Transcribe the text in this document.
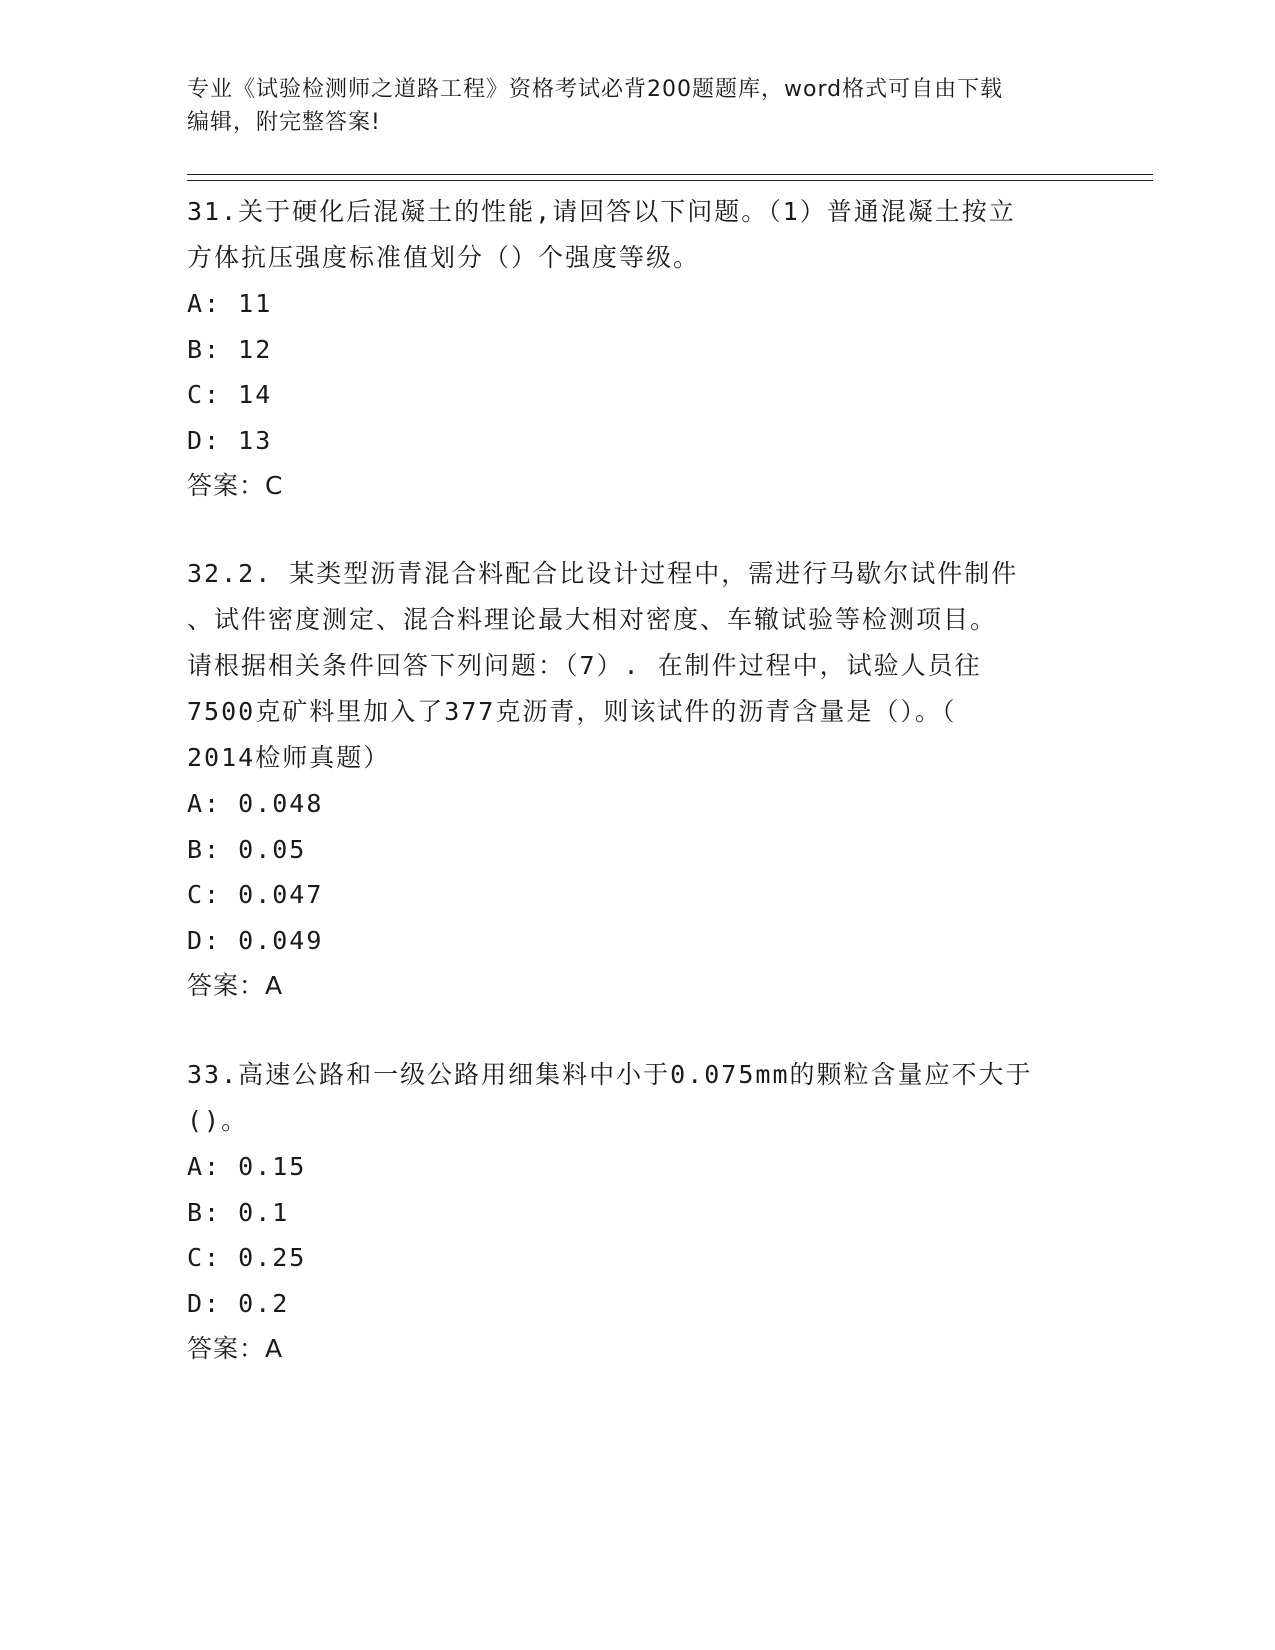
专业《试验检测师之道路工程》资格考试必背200题题库，word格式可自由下载
编辑，附完整答案!
31.关于硬化后混凝土的性能,请回答以下问题。（1）普通混凝土按立
方体抗压强度标准值划分（）个强度等级。
A: 11
B: 12
C: 14
D: 13
答案：C
32.2. 某类型沥青混合料配合比设计过程中，需进行马歇尔试件制件
、试件密度测定、混合料理论最大相对密度、车辙试验等检测项目。
请根据相关条件回答下列问题：（7）. 在制件过程中，试验人员往
7500克矿料里加入了377克沥青，则该试件的沥青含量是（）。（
2014检师真题）
A: 0.048
B: 0.05
C: 0.047
D: 0.049
答案：A
33.高速公路和一级公路用细集料中小于0.075mm的颗粒含量应不大于
()。
A: 0.15
B: 0.1
C: 0.25
D: 0.2
答案：A
